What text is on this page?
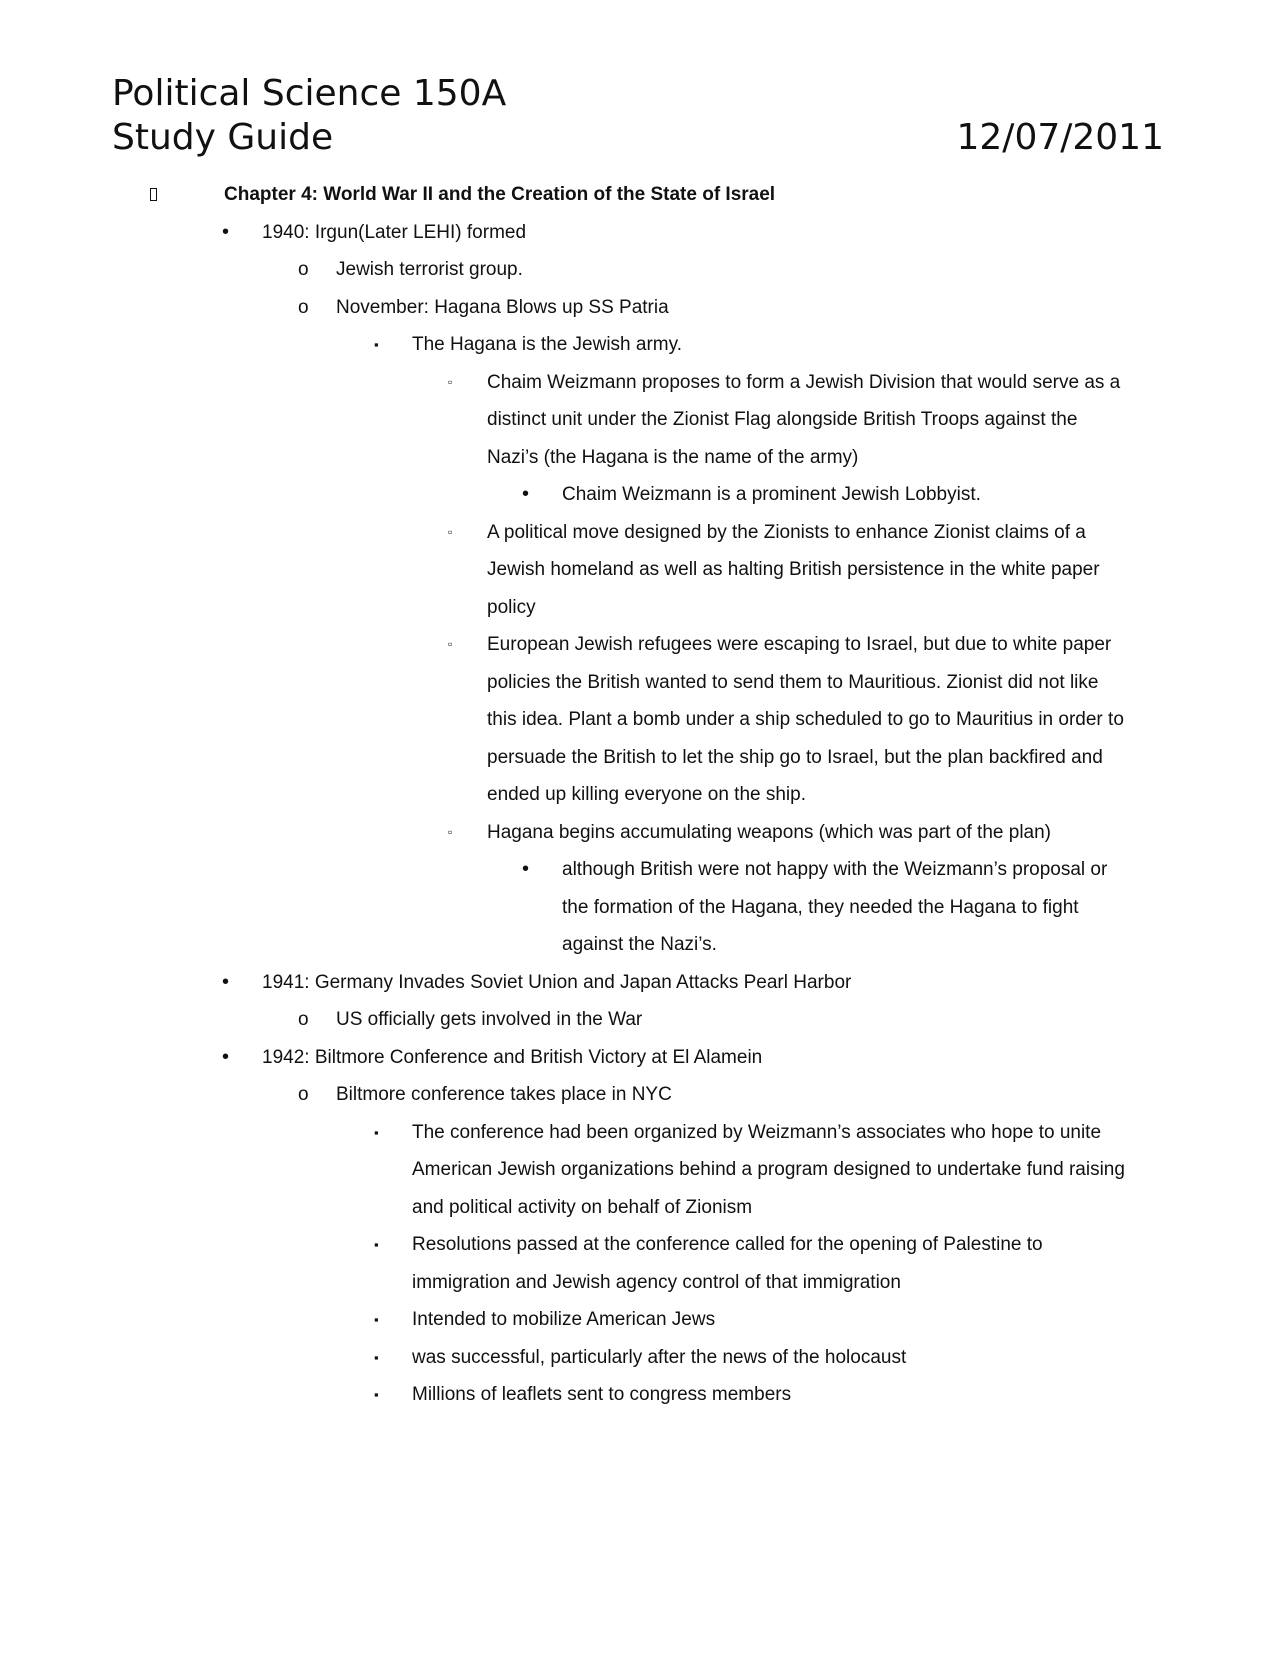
Political Science 150A
Study Guide	12/07/2011
Chapter 4: World War II and the Creation of the State of Israel
• 1940: Irgun(Later LEHI) formed
o Jewish terrorist group.
o November: Hagana Blows up SS Patria
▪ The Hagana is the Jewish army.
▫ Chaim Weizmann proposes to form a Jewish Division that would serve as a distinct unit under the Zionist Flag alongside British Troops against the Nazi’s (the Hagana is the name of the army)
• Chaim Weizmann is a prominent Jewish Lobbyist.
▫ A political move designed by the Zionists to enhance Zionist claims of a Jewish homeland as well as halting British persistence in the white paper policy
▫ European Jewish refugees were escaping to Israel, but due to white paper policies the British wanted to send them to Mauritious. Zionist did not like this idea. Plant a bomb under a ship scheduled to go to Mauritius in order to persuade the British to let the ship go to Israel, but the plan backfired and ended up killing everyone on the ship.
▫ Hagana begins accumulating weapons (which was part of the plan)
• although British were not happy with the Weizmann’s proposal or the formation of the Hagana, they needed the Hagana to fight against the Nazi’s.
• 1941: Germany Invades Soviet Union and Japan Attacks Pearl Harbor
o US officially gets involved in the War
• 1942: Biltmore Conference and British Victory at El Alamein
o Biltmore conference takes place in NYC
▪ The conference had been organized by Weizmann’s associates who hope to unite American Jewish organizations behind a program designed to undertake fund raising and political activity on behalf of Zionism
▪ Resolutions passed at the conference called for the opening of Palestine to immigration and Jewish agency control of that immigration
▪ Intended to mobilize American Jews
▪ was successful, particularly after the news of the holocaust
▪ Millions of leaflets sent to congress members
